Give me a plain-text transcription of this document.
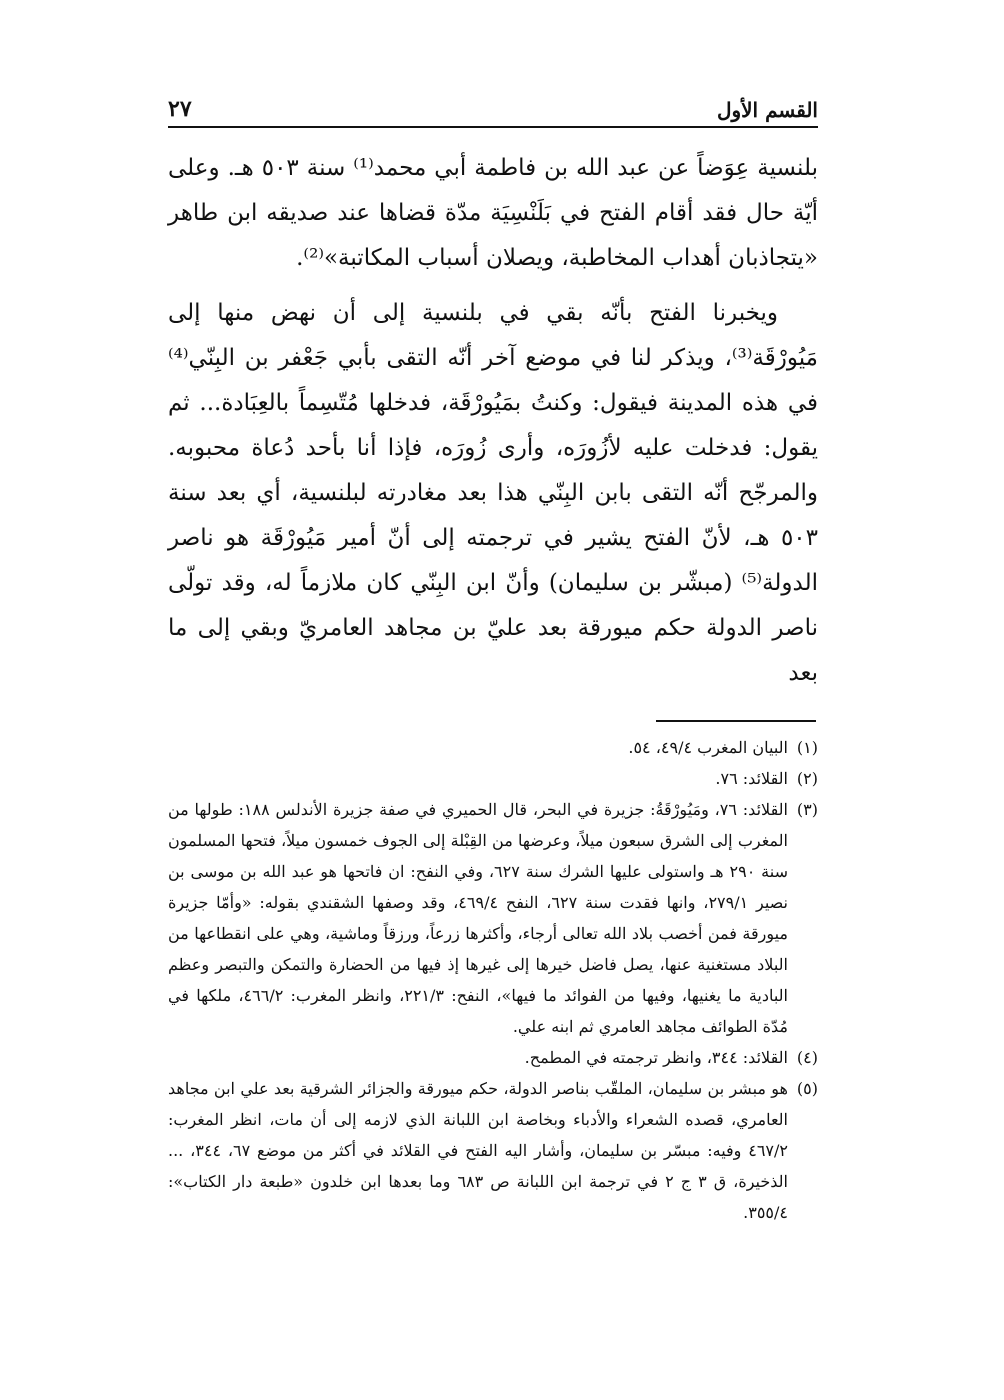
القسم الأول
٢٧

بلنسية عِوَضاً عن عبد الله بن فاطمة أبي محمد⁽¹⁾ سنة ٥٠٣ هـ. وعلى أيّة حال فقد أقام الفتح في بَلَنْسِيَة مدّة قضاها عند صديقه ابن طاهر «يتجاذبان أهداب المخاطبة، ويصلان أسباب المكاتبة»⁽²⁾.

ويخبرنا الفتح بأنّه بقي في بلنسية إلى أن نهض منها إلى مَيُورْقَة⁽³⁾، ويذكر لنا في موضع آخر أنّه التقى بأبي جَعْفر بن البِنّي⁽⁴⁾ في هذه المدينة فيقول: وكنتُ بمَيُورْقَة، فدخلها مُتّسِماً بالعِبَادة... ثم يقول: فدخلت عليه لأزُورَه، وأرى زُورَه، فإذا أنا بأحد دُعاة محبوبه. والمرجّح أنّه التقى بابن البِنّي هذا بعد مغادرته لبلنسية، أي بعد سنة ٥٠٣ هـ، لأنّ الفتح يشير في ترجمته إلى أنّ أمير مَيُورْقَة هو ناصر الدولة⁽⁵⁾ (مبشّر بن سليمان) وأنّ ابن البِنّي كان ملازماً له، وقد تولّى ناصر الدولة حكم ميورقة بعد عليّ بن مجاهد العامريّ وبقي إلى ما بعد

(١)
البيان المغرب ٤٩/٤، ٥٤.

(٢)
القلائد: ٧٦.

(٣)
القلائد: ٧٦، ومَيُورْقَةُ: جزيرة في البحر، قال الحميري في صفة جزيرة الأندلس ١٨٨: طولها من المغرب إلى الشرق سبعون ميلاً، وعرضها من القِبْلة إلى الجوف خمسون ميلاً، فتحها المسلمون سنة ٢٩٠ هـ واستولى عليها الشرك سنة ٦٢٧، وفي النفح: ان فاتحها هو عبد الله بن موسى بن نصير ٢٧٩/١، وانها فقدت سنة ٦٢٧، النفح ٤٦٩/٤، وقد وصفها الشقندي بقوله: «وأمّا جزيرة ميورقة فمن أخصب بلاد الله تعالى أرجاء، وأكثرها زرعاً، ورزقاً وماشية، وهي على انقطاعها من البلاد مستغنية عنها، يصل فاضل خيرها إلى غيرها إذ فيها من الحضارة والتمكن والتبصر وعظم البادية ما يغنيها، وفيها من الفوائد ما فيها»، النفح: ٢٢١/٣، وانظر المغرب: ٤٦٦/٢، ملكها في مُدّة الطوائف مجاهد العامري ثم ابنه علي.

(٤)
القلائد: ٣٤٤، وانظر ترجمته في المطمح.

(٥)
هو مبشر بن سليمان، الملقّب بناصر الدولة، حكم ميورقة والجزائر الشرقية بعد علي ابن مجاهد العامري، قصده الشعراء والأدباء وبخاصة ابن اللبانة الذي لازمه إلى أن مات، انظر المغرب: ٤٦٧/٢ وفيه: مبسّر بن سليمان، وأشار اليه الفتح في القلائد في أكثر من موضع ٦٧، ٣٤٤، ... الذخيرة، ق ٣ ج ٢ في ترجمة ابن اللبانة ص ٦٨٣ وما بعدها ابن خلدون «طبعة دار الكتاب»: ٣٥٥/٤.
